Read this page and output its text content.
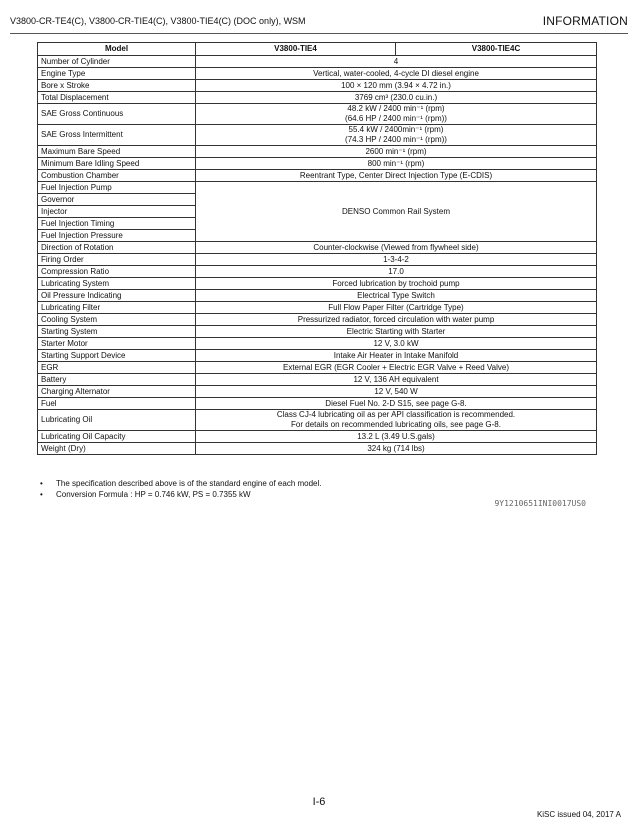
V3800-CR-TE4(C), V3800-CR-TIE4(C), V3800-TIE4(C) (DOC only), WSM	INFORMATION
Model	V3800-TIE4	V3800-TIE4C
Number of Cylinder	4	

Engine Type	Vertical, water-cooled, 4-cycle DI diesel engine	

Bore x Stroke	100 × 120 mm (3.94 × 4.72 in.)	

Total Displacement	3769 cm³ (230.0 cu.in.)	

SAE Gross Continuous	48.2 kW / 2400 min⁻¹ (rpm)
(64.6 HP / 2400 min⁻¹ (rpm))	

SAE Gross Intermittent	55.4 kW / 2400min⁻¹ (rpm)
(74.3 HP / 2400 min⁻¹ (rpm))	

Maximum Bare Speed	2600 min⁻¹ (rpm)	

Minimum Bare Idling Speed	800 min⁻¹ (rpm)	

Combustion Chamber	Reentrant Type, Center Direct Injection Type (E-CDIS)	

Fuel Injection Pump	DENSO Common Rail System	
Governor		
Injector		
Fuel Injection Timing		
Fuel Injection Pressure		
Direction of Rotation	Counter-clockwise (Viewed from flywheel side)	

Firing Order	1-3-4-2	

Compression Ratio	17.0	

Lubricating System	Forced lubrication by trochoid pump	

Oil Pressure Indicating	Electrical Type Switch	

Lubricating Filter	Full Flow Paper Filter (Cartridge Type)	

Cooling System	Pressurized radiator, forced circulation with water pump	

Starting System	Electric Starting with Starter	

Starter Motor	12 V, 3.0 kW	

Starting Support Device	Intake Air Heater in Intake Manifold	

EGR	External EGR (EGR Cooler + Electric EGR Valve + Reed Valve)	

Battery	12 V, 136 AH equivalent	

Charging Alternator	12 V, 540 W	

Fuel	Diesel Fuel No. 2-D S15, see page G-8.	

Lubricating Oil	Class CJ-4 lubricating oil as per API classification is recommended.
For details on recommended lubricating oils, see page G-8.	

Lubricating Oil Capacity	13.2 L (3.49 U.S.gals)	

Weight (Dry)	324 kg (714 lbs)	
• The specification described above is of the standard engine of each model.
• Conversion Formula : HP = 0.746 kW, PS = 0.7355 kW
9Y1210651INI0017US0
I-6
KiSC issued 04, 2017 A
